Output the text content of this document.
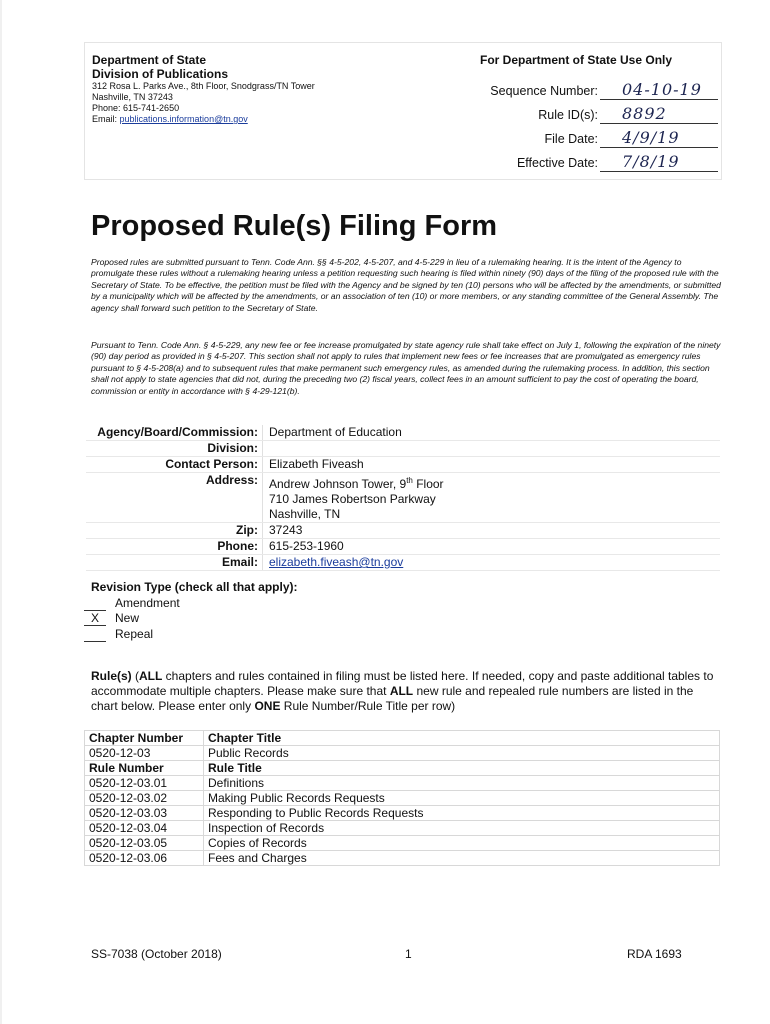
Department of State
Division of Publications
312 Rosa L. Parks Ave., 8th Floor, Snodgrass/TN Tower
Nashville, TN 37243
Phone: 615-741-2650
Email: publications.information@tn.gov
For Department of State Use Only
Sequence Number: 04-10-19
Rule ID(s): 8892
File Date: 4/9/19
Effective Date: 7/8/19
Proposed Rule(s) Filing Form
Proposed rules are submitted pursuant to Tenn. Code Ann. §§ 4-5-202, 4-5-207, and 4-5-229 in lieu of a rulemaking hearing. It is the intent of the Agency to promulgate these rules without a rulemaking hearing unless a petition requesting such hearing is filed within ninety (90) days of the filing of the proposed rule with the Secretary of State. To be effective, the petition must be filed with the Agency and be signed by ten (10) persons who will be affected by the amendments, or submitted by a municipality which will be affected by the amendments, or an association of ten (10) or more members, or any standing committee of the General Assembly. The agency shall forward such petition to the Secretary of State.
Pursuant to Tenn. Code Ann. § 4-5-229, any new fee or fee increase promulgated by state agency rule shall take effect on July 1, following the expiration of the ninety (90) day period as provided in § 4-5-207. This section shall not apply to rules that implement new fees or fee increases that are promulgated as emergency rules pursuant to § 4-5-208(a) and to subsequent rules that make permanent such emergency rules, as amended during the rulemaking process. In addition, this section shall not apply to state agencies that did not, during the preceding two (2) fiscal years, collect fees in an amount sufficient to pay the cost of operating the board, commission or entity in accordance with § 4-29-121(b).
Agency/Board/Commission:	Department of Education
Division:	
Contact Person:	Elizabeth Fiveash
Address:	Andrew Johnson Tower, 9th Floor
710 James Robertson Parkway
Nashville, TN

Zip:	37243
Phone:	615-253-1960
Email:	elizabeth.fiveash@tn.gov
Revision Type (check all that apply):
Amendment
X	New
Repeal
Rule(s) (ALL chapters and rules contained in filing must be listed here. If needed, copy and paste additional tables to accommodate multiple chapters. Please make sure that ALL new rule and repealed rule numbers are listed in the chart below. Please enter only ONE Rule Number/Rule Title per row)
Chapter Number	Chapter Title
0520-12-03	Public Records
Rule Number	Rule Title
0520-12-03.01	Definitions
0520-12-03.02	Making Public Records Requests
0520-12-03.03	Responding to Public Records Requests
0520-12-03.04	Inspection of Records
0520-12-03.05	Copies of Records
0520-12-03.06	Fees and Charges
SS-7038 (October 2018)	1	RDA 1693
